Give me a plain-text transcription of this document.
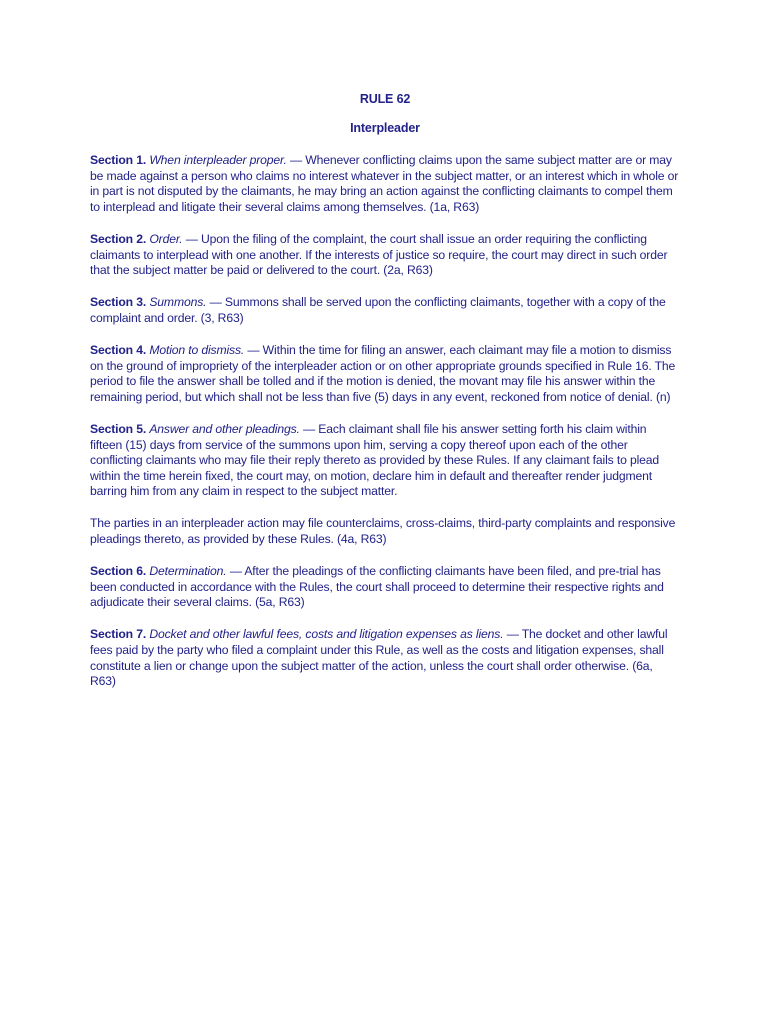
RULE 62
Interpleader

Section 1. When interpleader proper. — Whenever conflicting claims upon the same subject matter are or may be made against a person who claims no interest whatever in the subject matter, or an interest which in whole or in part is not disputed by the claimants, he may bring an action against the conflicting claimants to compel them to interplead and litigate their several claims among themselves. (1a, R63)

Section 2. Order. — Upon the filing of the complaint, the court shall issue an order requiring the conflicting claimants to interplead with one another. If the interests of justice so require, the court may direct in such order that the subject matter be paid or delivered to the court. (2a, R63)

Section 3. Summons. — Summons shall be served upon the conflicting claimants, together with a copy of the complaint and order. (3, R63)

Section 4. Motion to dismiss. — Within the time for filing an answer, each claimant may file a motion to dismiss on the ground of impropriety of the interpleader action or on other appropriate grounds specified in Rule 16. The period to file the answer shall be tolled and if the motion is denied, the movant may file his answer within the remaining period, but which shall not be less than five (5) days in any event, reckoned from notice of denial. (n)

Section 5. Answer and other pleadings. — Each claimant shall file his answer setting forth his claim within fifteen (15) days from service of the summons upon him, serving a copy thereof upon each of the other conflicting claimants who may file their reply thereto as provided by these Rules. If any claimant fails to plead within the time herein fixed, the court may, on motion, declare him in default and thereafter render judgment barring him from any claim in respect to the subject matter.

The parties in an interpleader action may file counterclaims, cross-claims, third-party complaints and responsive pleadings thereto, as provided by these Rules. (4a, R63)

Section 6. Determination. — After the pleadings of the conflicting claimants have been filed, and pre-trial has been conducted in accordance with the Rules, the court shall proceed to determine their respective rights and adjudicate their several claims. (5a, R63)

Section 7. Docket and other lawful fees, costs and litigation expenses as liens. — The docket and other lawful fees paid by the party who filed a complaint under this Rule, as well as the costs and litigation expenses, shall constitute a lien or change upon the subject matter of the action, unless the court shall order otherwise. (6a, R63)
